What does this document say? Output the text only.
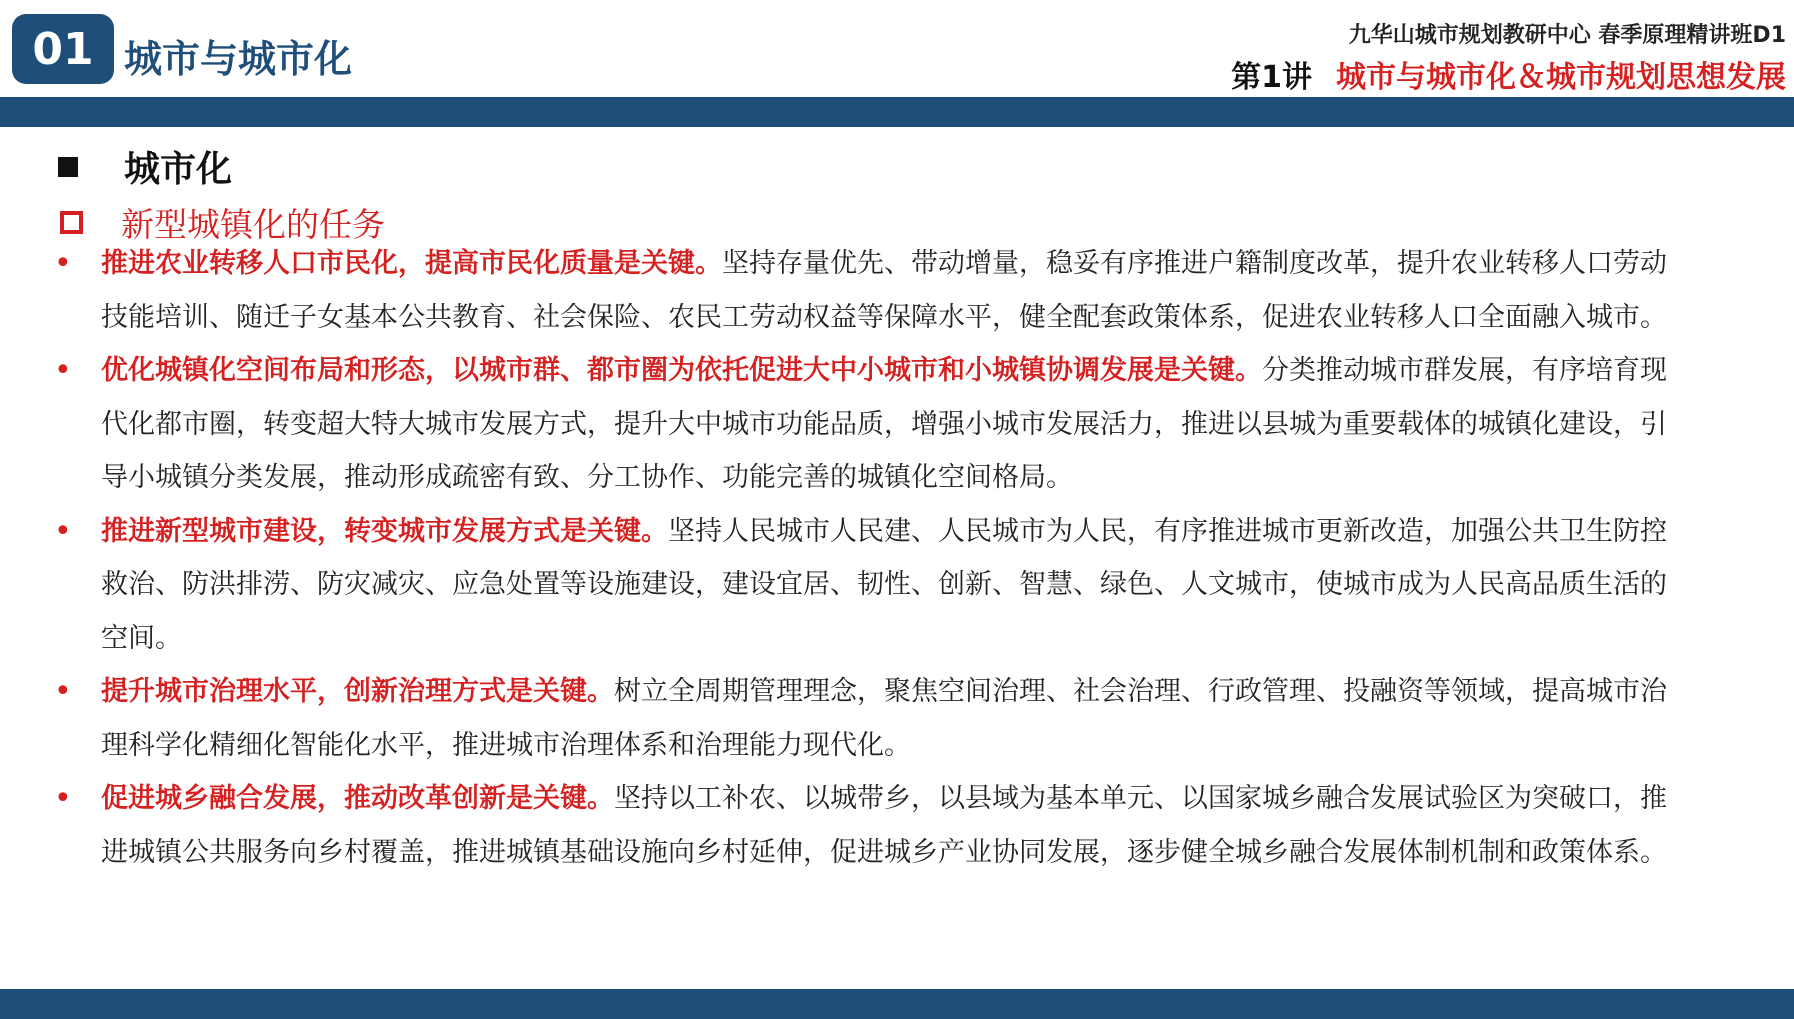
01 城市与城市化
九华山城市规划教研中心 春季原理精讲班D1
第1讲 城市与城市化＆城市规划思想发展
城市化
新型城镇化的任务
• 推进农业转移人口市民化，提高市民化质量是关键。坚持存量优先、带动增量，稳妥有序推进户籍制度改革，提升农业转移人口劳动技能培训、随迁子女基本公共教育、社会保险、农民工劳动权益等保障水平，健全配套政策体系，促进农业转移人口全面融入城市。
• 优化城镇化空间布局和形态，以城市群、都市圈为依托促进大中小城市和小城镇协调发展是关键。分类推动城市群发展，有序培育现代化都市圈，转变超大特大城市发展方式，提升大中城市功能品质，增强小城市发展活力，推进以县城为重要载体的城镇化建设，引导小城镇分类发展，推动形成疏密有致、分工协作、功能完善的城镇化空间格局。
• 推进新型城市建设，转变城市发展方式是关键。坚持人民城市人民建、人民城市为人民，有序推进城市更新改造，加强公共卫生防控救治、防洪排涝、防灾减灾、应急处置等设施建设，建设宜居、韧性、创新、智慧、绿色、人文城市，使城市成为人民高品质生活的空间。
• 提升城市治理水平，创新治理方式是关键。树立全周期管理理念，聚焦空间治理、社会治理、行政管理、投融资等领域，提高城市治理科学化精细化智能化水平，推进城市治理体系和治理能力现代化。
• 促进城乡融合发展，推动改革创新是关键。坚持以工补农、以城带乡，以县域为基本单元、以国家城乡融合发展试验区为突破口，推进城镇公共服务向乡村覆盖，推进城镇基础设施向乡村延伸，促进城乡产业协同发展，逐步健全城乡融合发展体制机制和政策体系。
